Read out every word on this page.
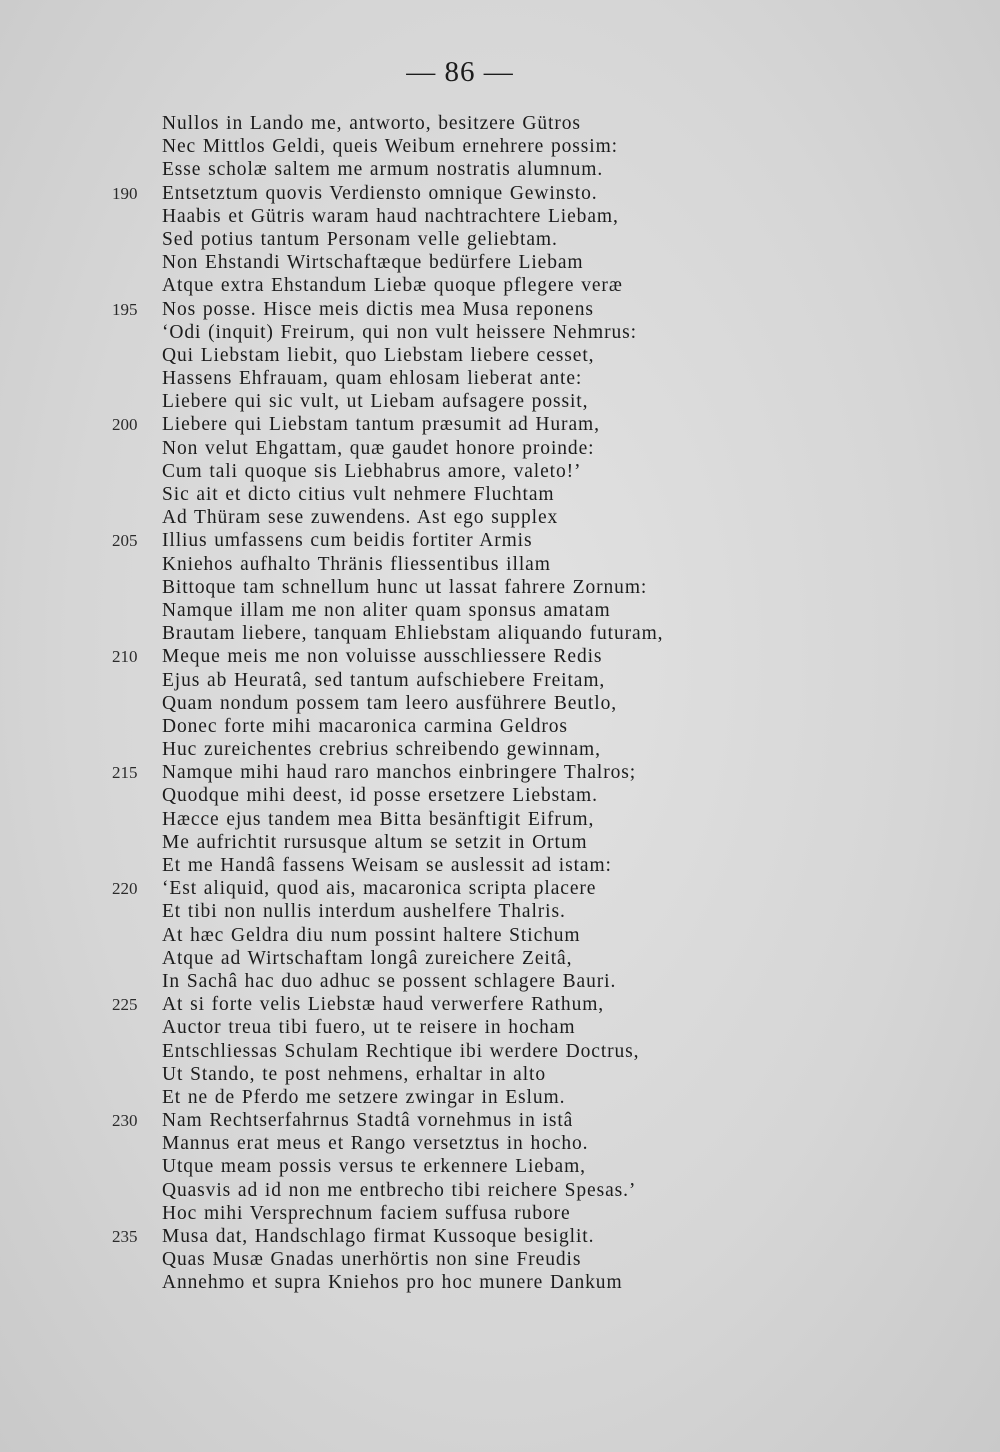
— 86 —
Nullos in Lando me, antworto, besitzere Gütros
Nec Mittlos Geldi, queis Weibum ernehrere possim:
Esse scholæ saltem me armum nostratis alumnum.
190	Entsetztum quovis Verdiensto omnique Gewinsto.
Haabis et Gütris waram haud nachtrachtere Liebam,
Sed potius tantum Personam velle geliebtam.
Non Ehstandi Wirtschaftæque bedürfere Liebam
Atque extra Ehstandum Liebæ quoque pflegere veræ
195	Nos posse. Hisce meis dictis mea Musa reponens
‘Odi (inquit) Freirum, qui non vult heissere Nehmrus:
Qui Liebstam liebit, quo Liebstam liebere cesset,
Hassens Ehfrauam, quam ehlosam lieberat ante:
Liebere qui sic vult, ut Liebam aufsagere possit,
200	Liebere qui Liebstam tantum præsumit ad Huram,
Non velut Ehgattam, quæ gaudet honore proinde:
Cum tali quoque sis Liebhabrus amore, valeto!’
Sic ait et dicto citius vult nehmere Fluchtam
Ad Thüram sese zuwendens. Ast ego supplex
205	Illius umfassens cum beidis fortiter Armis
Kniehos aufhalto Thränis fliessentibus illam
Bittoque tam schnellum hunc ut lassat fahrere Zornum:
Namque illam me non aliter quam sponsus amatam
Brautam liebere, tanquam Ehliebstam aliquando futuram,
210	Meque meis me non voluisse ausschliessere Redis
Ejus ab Heuratâ, sed tantum aufschiebere Freitam,
Quam nondum possem tam leero ausführere Beutlo,
Donec forte mihi macaronica carmina Geldros
Huc zureichentes crebrius schreibendo gewinnam,
215	Namque mihi haud raro manchos einbringere Thalros;
Quodque mihi deest, id posse ersetzere Liebstam.
Hæcce ejus tandem mea Bitta besänftigit Eifrum,
Me aufrichtit rursusque altum se setzit in Ortum
Et me Handâ fassens Weisam se auslessit ad istam:
220	‘Est aliquid, quod ais, macaronica scripta placere
Et tibi non nullis interdum aushelfere Thalris.
At hæc Geldra diu num possint haltere Stichum
Atque ad Wirtschaftam longâ zureichere Zeitâ,
In Sachâ hac duo adhuc se possent schlagere Bauri.
225	At si forte velis Liebstæ haud verwerfere Rathum,
Auctor treua tibi fuero, ut te reisere in hocham
Entschliessas Schulam Rechtique ibi werdere Doctrus,
Ut Stando, te post nehmens, erhaltar in alto
Et ne de Pferdo me setzere zwingar in Eslum.
230	Nam Rechtserfahrnus Stadtâ vornehmus in istâ
Mannus erat meus et Rango versetztus in hocho.
Utque meam possis versus te erkennere Liebam,
Quasvis ad id non me entbrecho tibi reichere Spesas.’
Hoc mihi Versprechnum faciem suffusa rubore
235	Musa dat, Handschlago firmat Kussoque besiglit.
Quas Musæ Gnadas unerhörtis non sine Freudis
Annehmo et supra Kniehos pro hoc munere Dankum
